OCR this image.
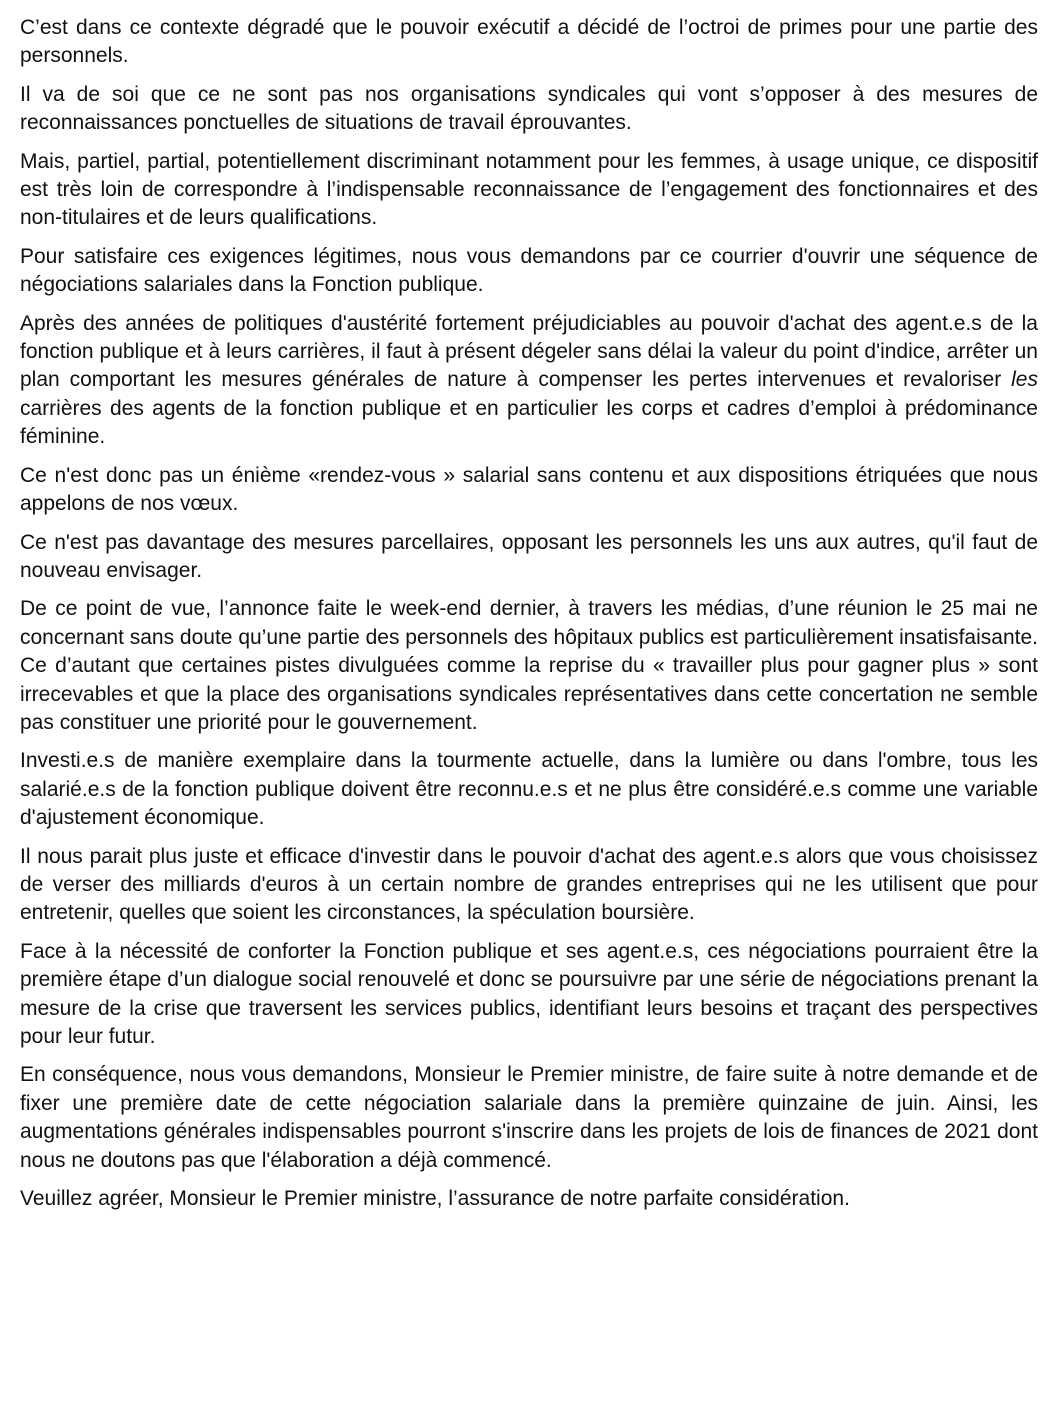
C’est dans ce contexte dégradé que le pouvoir exécutif a décidé de l’octroi de primes pour une partie des personnels.

Il va de soi que ce ne sont pas nos organisations syndicales qui vont s’opposer à des mesures de reconnaissances ponctuelles de situations de travail éprouvantes.

Mais, partiel, partial, potentiellement discriminant notamment pour les femmes, à usage unique, ce dispositif est très loin de correspondre à l’indispensable reconnaissance de l’engagement des fonctionnaires et des non-titulaires et de leurs qualifications.

Pour satisfaire ces exigences légitimes, nous vous demandons par ce courrier d'ouvrir une séquence de négociations salariales dans la Fonction publique.

Après des années de politiques d'austérité fortement préjudiciables au pouvoir d'achat des agent.e.s de la fonction publique et à leurs carrières, il faut à présent dégeler sans délai la valeur du point d'indice, arrêter un plan comportant les mesures générales de nature à compenser les pertes intervenues et revaloriser les carrières des agents de la fonction publique et en particulier les corps et cadres d’emploi à prédominance féminine.

Ce n'est donc pas un énième «rendez-vous » salarial sans contenu et aux dispositions étriquées que nous appelons de nos vœux.

Ce n'est pas davantage des mesures parcellaires, opposant les personnels les uns aux autres, qu'il faut de nouveau envisager.

De ce point de vue, l’annonce faite le week-end dernier, à travers les médias, d’une réunion le 25 mai ne concernant sans doute qu’une partie des personnels des hôpitaux publics est particulièrement insatisfaisante. Ce d’autant que certaines pistes divulguées comme la reprise du « travailler plus pour gagner plus » sont irrecevables et que la place des organisations syndicales représentatives dans cette concertation ne semble pas constituer une priorité pour le gouvernement.

Investi.e.s de manière exemplaire dans la tourmente actuelle, dans la lumière ou dans l'ombre, tous les salarié.e.s de la fonction publique doivent être reconnu.e.s et ne plus être considéré.e.s comme une variable d'ajustement économique.

Il nous parait plus juste et efficace d'investir dans le pouvoir d'achat des agent.e.s alors que vous choisissez de verser des milliards d'euros à un certain nombre de grandes entreprises qui ne les utilisent que pour entretenir, quelles que soient les circonstances, la spéculation boursière.

Face à la nécessité de conforter la Fonction publique et ses agent.e.s, ces négociations pourraient être la première étape d’un dialogue social renouvelé et donc se poursuivre par une série de négociations prenant la mesure de la crise que traversent les services publics, identifiant leurs besoins et traçant des perspectives pour leur futur.

En conséquence, nous vous demandons, Monsieur le Premier ministre, de faire suite à notre demande et de fixer une première date de cette négociation salariale dans la première quinzaine de juin. Ainsi, les augmentations générales indispensables pourront s'inscrire dans les projets de lois de finances de 2021 dont nous ne doutons pas que l'élaboration a déjà commencé.

Veuillez agréer, Monsieur le Premier ministre, l’assurance de notre parfaite considération.
